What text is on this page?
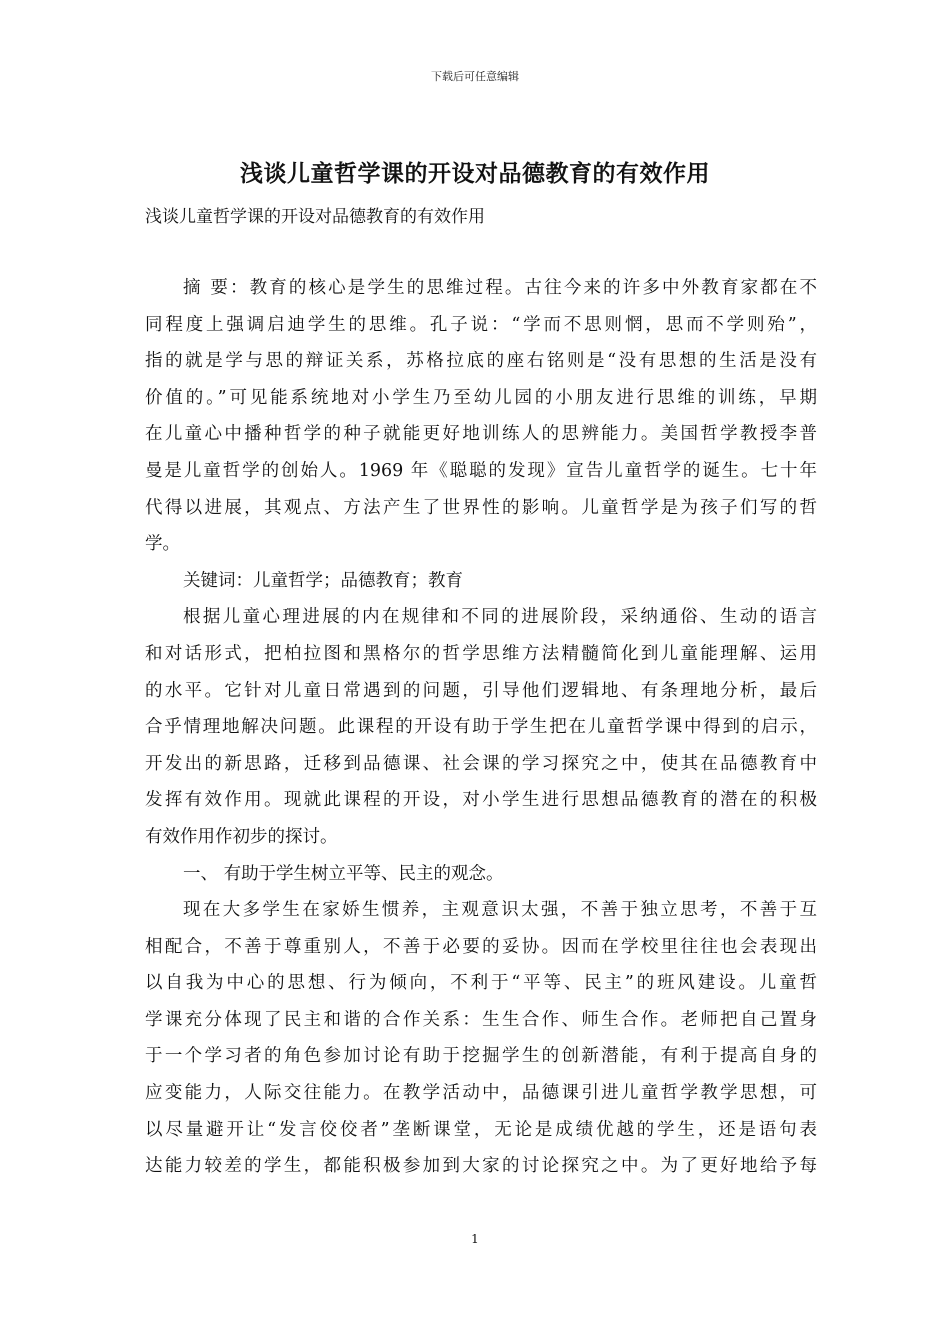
下载后可任意编辑
浅谈儿童哲学课的开设对品德教育的有效作用
浅谈儿童哲学课的开设对品德教育的有效作用
摘 要：教育的核心是学生的思维过程。古往今来的许多中外教育家都在不
同程度上强调启迪学生的思维。孔子说：“学而不思则惘，思而不学则殆”，
指的就是学与思的辩证关系，苏格拉底的座右铭则是“没有思想的生活是没有
价值的。”可见能系统地对小学生乃至幼儿园的小朋友进行思维的训练，早期
在儿童心中播种哲学的种子就能更好地训练人的思辨能力。美国哲学教授李普
曼是儿童哲学的创始人。1969 年《聪聪的发现》宣告儿童哲学的诞生。七十年
代得以进展，其观点、方法产生了世界性的影响。儿童哲学是为孩子们写的哲
学。
关键词：儿童哲学；品德教育；教育
根据儿童心理进展的内在规律和不同的进展阶段，采纳通俗、生动的语言
和对话形式，把柏拉图和黑格尔的哲学思维方法精髓简化到儿童能理解、运用
的水平。它针对儿童日常遇到的问题，引导他们逻辑地、有条理地分析，最后
合乎情理地解决问题。此课程的开设有助于学生把在儿童哲学课中得到的启示，
开发出的新思路，迁移到品德课、社会课的学习探究之中，使其在品德教育中
发挥有效作用。现就此课程的开设，对小学生进行思想品德教育的潜在的积极
有效作用作初步的探讨。
一、 有助于学生树立平等、民主的观念。
现在大多学生在家娇生惯养，主观意识太强，不善于独立思考，不善于互
相配合，不善于尊重别人，不善于必要的妥协。因而在学校里往往也会表现出
以自我为中心的思想、行为倾向，不利于“平等、民主”的班风建设。儿童哲
学课充分体现了民主和谐的合作关系：生生合作、师生合作。老师把自己置身
于一个学习者的角色参加讨论有助于挖掘学生的创新潜能，有利于提高自身的
应变能力，人际交往能力。在教学活动中，品德课引进儿童哲学教学思想，可
以尽量避开让“发言佼佼者”垄断课堂，无论是成绩优越的学生，还是语句表
达能力较差的学生，都能积极参加到大家的讨论探究之中。为了更好地给予每
1
